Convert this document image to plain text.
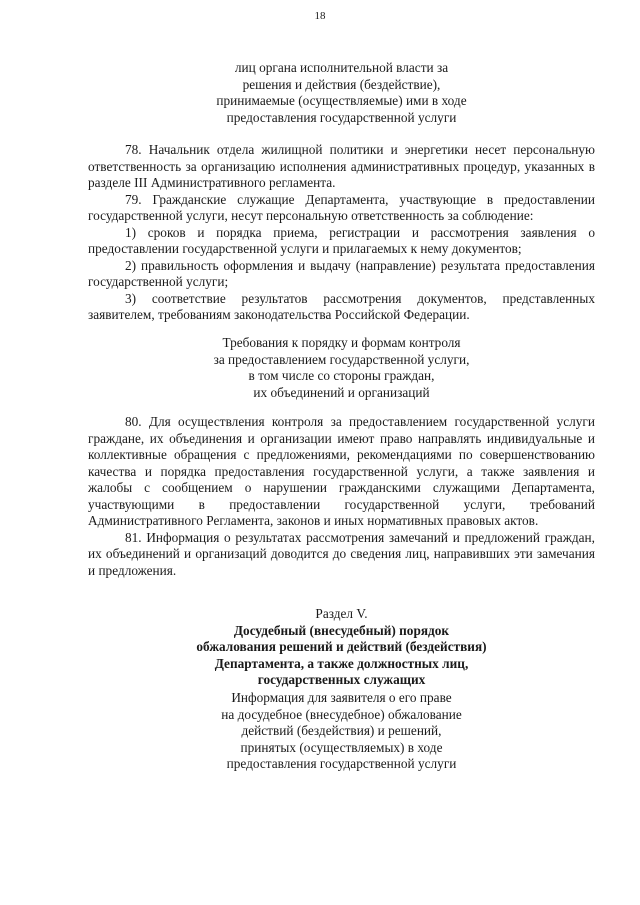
18
лиц органа исполнительной власти за
решения и действия (бездействие),
принимаемые (осуществляемые) ими в ходе
предоставления государственной услуги

78. Начальник отдела жилищной политики и энергетики несет персональную ответственность за организацию исполнения административных процедур, указанных в разделе III Административного регламента.

79. Гражданские служащие Департамента, участвующие в предоставлении государственной услуги, несут персональную ответственность за соблюдение:

1) сроков и порядка приема, регистрации и рассмотрения заявления о предоставлении государственной услуги и прилагаемых к нему документов;

2) правильность оформления и выдачу (направление) результата предоставления государственной услуги;

3) соответствие результатов рассмотрения документов, представленных заявителем, требованиям законодательства Российской Федерации.

Требования к порядку и формам контроля
за предоставлением государственной услуги,
в том числе со стороны граждан,
их объединений и организаций

80. Для осуществления контроля за предоставлением государственной услуги граждане, их объединения и организации имеют право направлять индивидуальные и коллективные обращения с предложениями, рекомендациями по совершенствованию качества и порядка предоставления государственной услуги, а также заявления и жалобы с сообщением о нарушении гражданскими служащими Департамента, участвующими в предоставлении государственной услуги, требований Административного Регламента, законов и иных нормативных правовых актов.

81. Информация о результатах рассмотрения замечаний и предложений граждан, их объединений и организаций доводится до сведения лиц, направивших эти замечания и предложения.

Раздел V.
Досудебный (внесудебный) порядок
обжалования решений и действий (бездействия)
Департамента, а также должностных лиц,
государственных служащих
Информация для заявителя о его праве
на досудебное (внесудебное) обжалование
действий (бездействия) и решений,
принятых (осуществляемых) в ходе
предоставления государственной услуги
